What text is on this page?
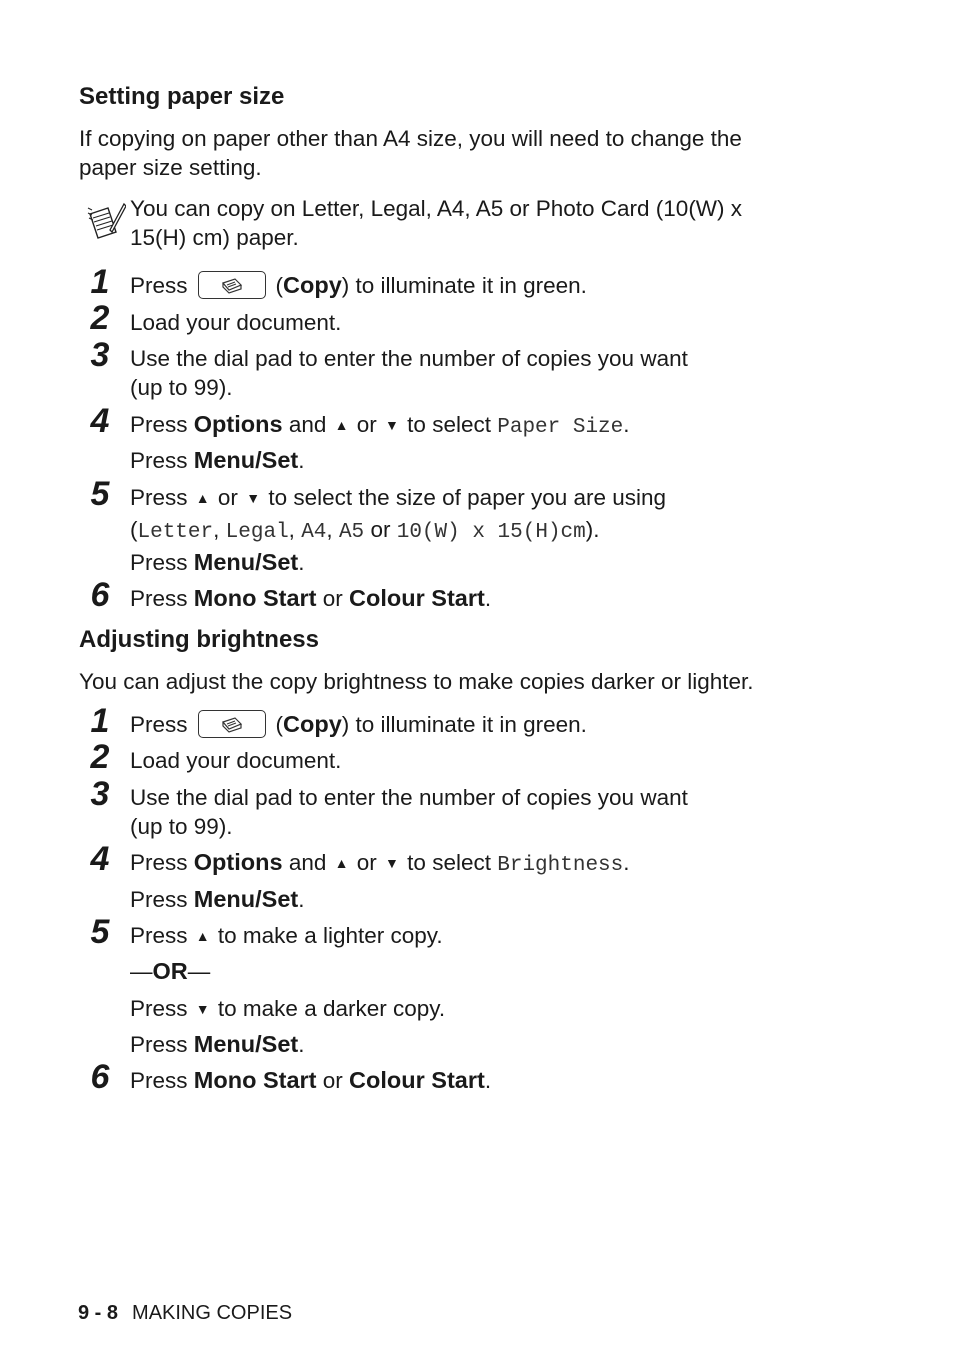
Setting paper size
If copying on paper other than A4 size, you will need to change the
paper size setting.
You can copy on Letter, Legal, A4, A5 or Photo Card (10(W) x
15(H) cm) paper.
1 Press	(Copy) to illuminate it in green.
2 Load your document.
3 Use the dial pad to enter the number of copies you want
(up to 99).
4 Press Options and ▲ or ▼ to select Paper Size.
Press Menu/Set.
5 Press ▲ or ▼ to select the size of paper you are using
(Letter, Legal, A4, A5 or 10(W) x 15(H)cm).
Press Menu/Set.
6 Press Mono Start or Colour Start.
Adjusting brightness
You can adjust the copy brightness to make copies darker or lighter.
1 Press	(Copy) to illuminate it in green.
2 Load your document.
3 Use the dial pad to enter the number of copies you want
(up to 99).
4 Press Options and ▲ or ▼ to select Brightness.
Press Menu/Set.
5 Press ▲ to make a lighter copy.
—OR—
Press ▼ to make a darker copy.
Press Menu/Set.
6 Press Mono Start or Colour Start.
9 - 8 MAKING COPIES
